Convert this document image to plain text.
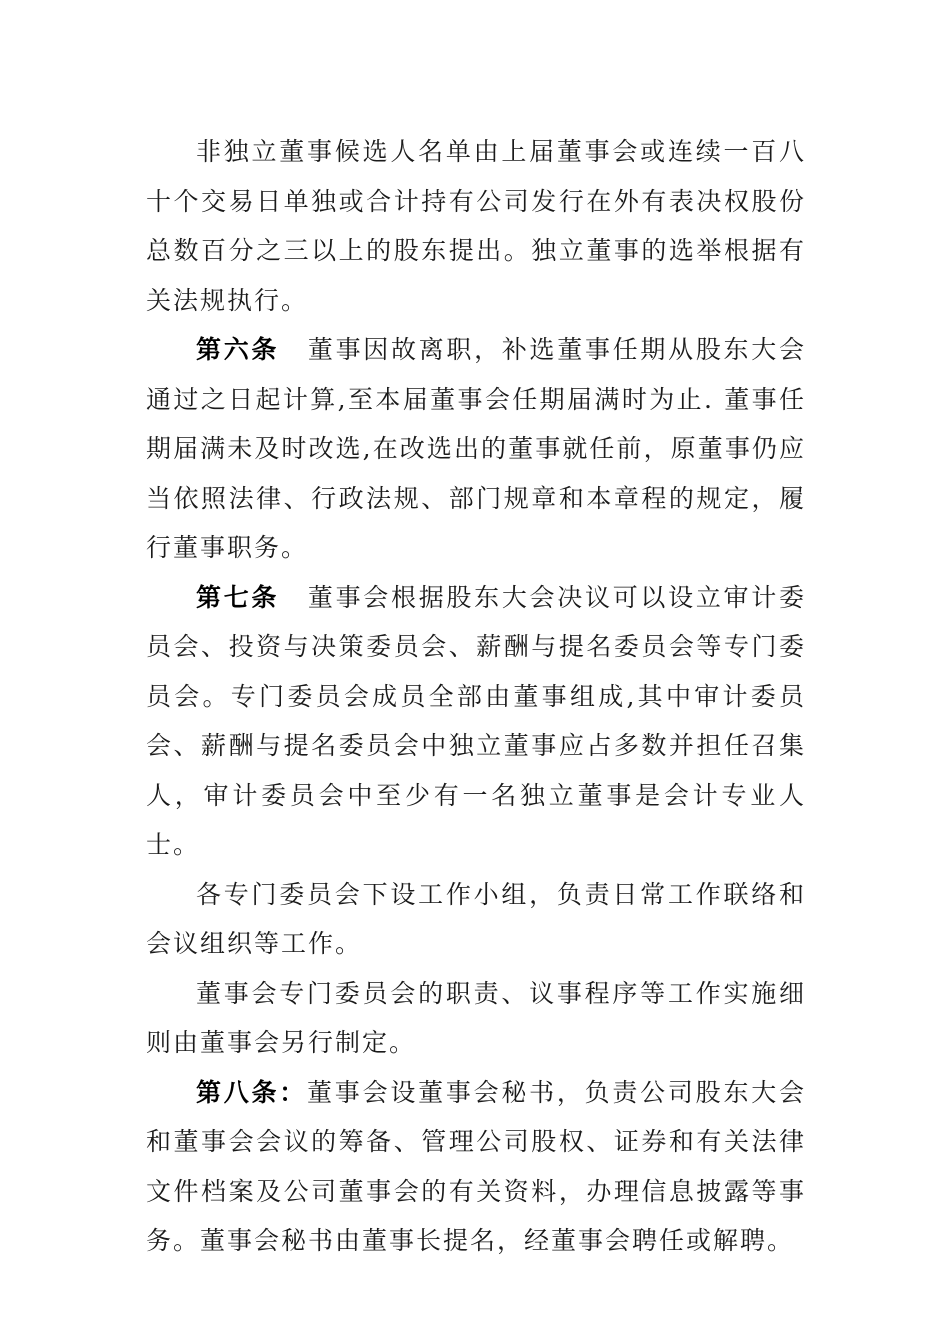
非独立董事候选人名单由上届董事会或连续一百八十个交易日单独或合计持有公司发行在外有表决权股份总数百分之三以上的股东提出。独立董事的选举根据有关法规执行。

第六条 董事因故离职，补选董事任期从股东大会通过之日起计算,至本届董事会任期届满时为止. 董事任期届满未及时改选,在改选出的董事就任前，原董事仍应当依照法律、行政法规、部门规章和本章程的规定，履行董事职务。

第七条 董事会根据股东大会决议可以设立审计委员会、投资与决策委员会、薪酬与提名委员会等专门委员会。专门委员会成员全部由董事组成,其中审计委员会、薪酬与提名委员会中独立董事应占多数并担任召集人，审计委员会中至少有一名独立董事是会计专业人士。

各专门委员会下设工作小组，负责日常工作联络和会议组织等工作。

董事会专门委员会的职责、议事程序等工作实施细则由董事会另行制定。

第八条：董事会设董事会秘书，负责公司股东大会和董事会会议的筹备、管理公司股权、证券和有关法律文件档案及公司董事会的有关资料，办理信息披露等事务。董事会秘书由董事长提名，经董事会聘任或解聘。
